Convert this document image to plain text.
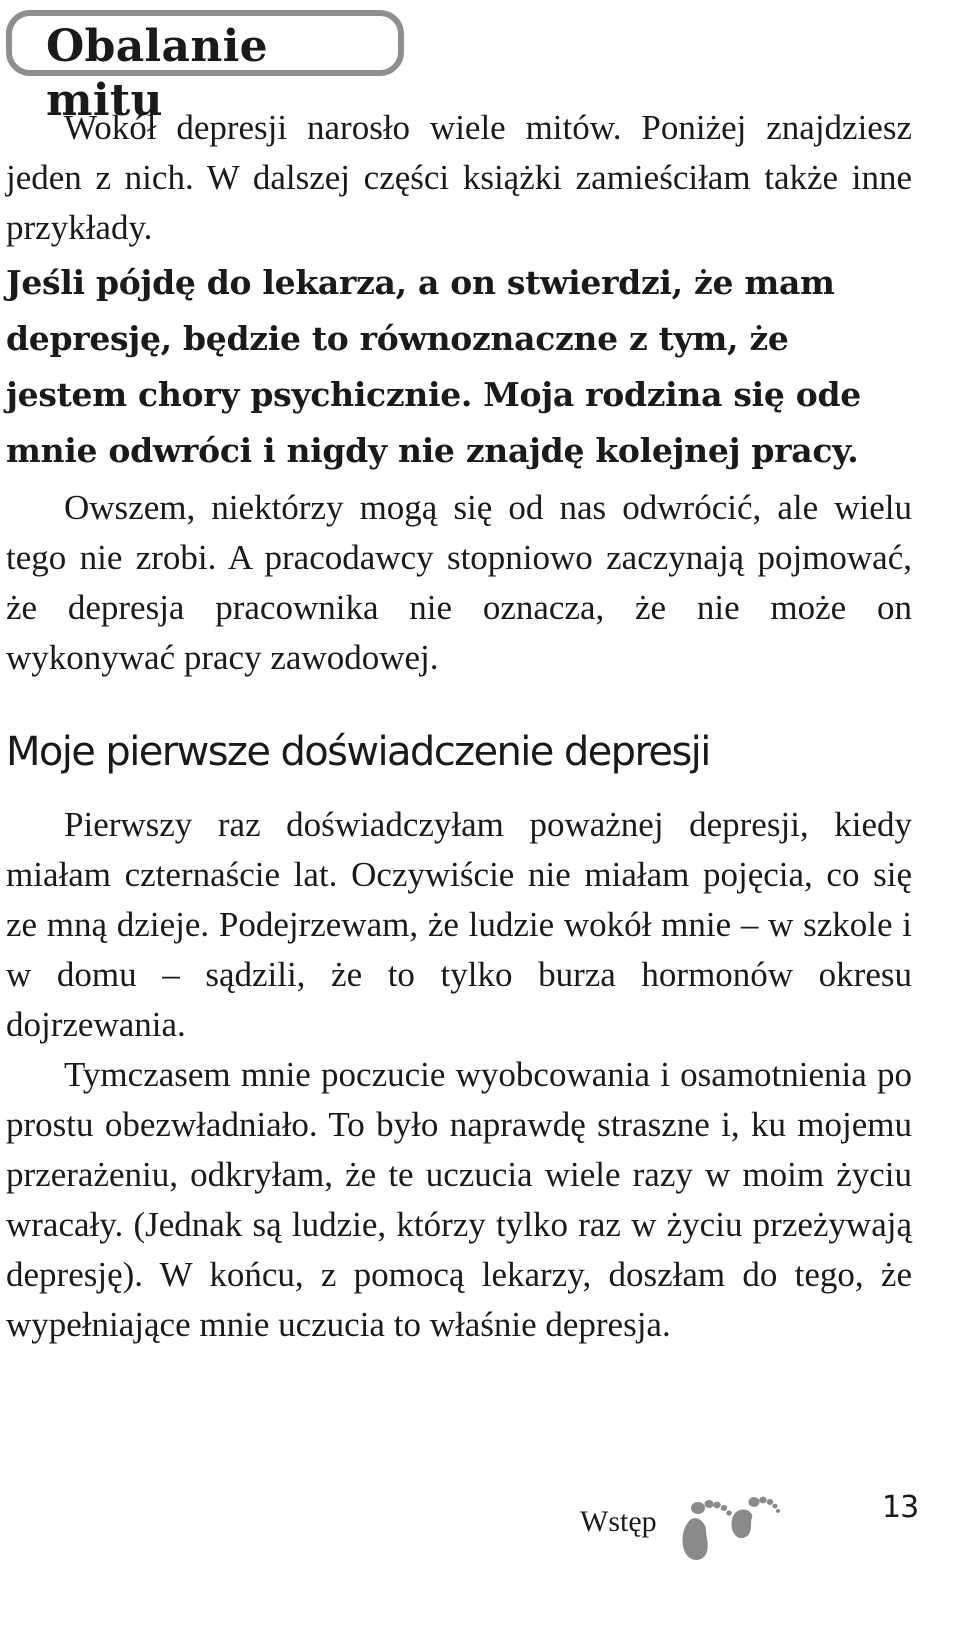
Obalanie mitu

Wokół depresji narosło wiele mitów. Poniżej znajdziesz jeden z nich. W dalszej części książki zamieściłam także inne przykłady.

Jeśli pójdę do lekarza, a on stwierdzi, że mam depresję, będzie to równoznaczne z tym, że jestem chory psychicznie. Moja rodzina się ode mnie odwróci i nigdy nie znajdę kolejnej pracy.

Owszem, niektórzy mogą się od nas odwrócić, ale wielu tego nie zrobi. A pracodawcy stopniowo zaczynają pojmować, że depresja pracownika nie oznacza, że nie może on wykonywać pracy zawodowej.

Moje pierwsze doświadczenie depresji

Pierwszy raz doświadczyłam poważnej depresji, kiedy miałam czternaście lat. Oczywiście nie miałam pojęcia, co się ze mną dzieje. Podejrzewam, że ludzie wokół mnie – w szkole i w domu – sądzili, że to tylko burza hormonów okresu dojrzewania.

Tymczasem mnie poczucie wyobcowania i osamotnienia po prostu obezwładniało. To było naprawdę straszne i, ku mojemu przerażeniu, odkryłam, że te uczucia wiele razy w moim życiu wracały. (Jednak są ludzie, którzy tylko raz w życiu przeżywają depresję). W końcu, z pomocą lekarzy, doszłam do tego, że wypełniające mnie uczucia to właśnie depresja.

Wstęp	13
